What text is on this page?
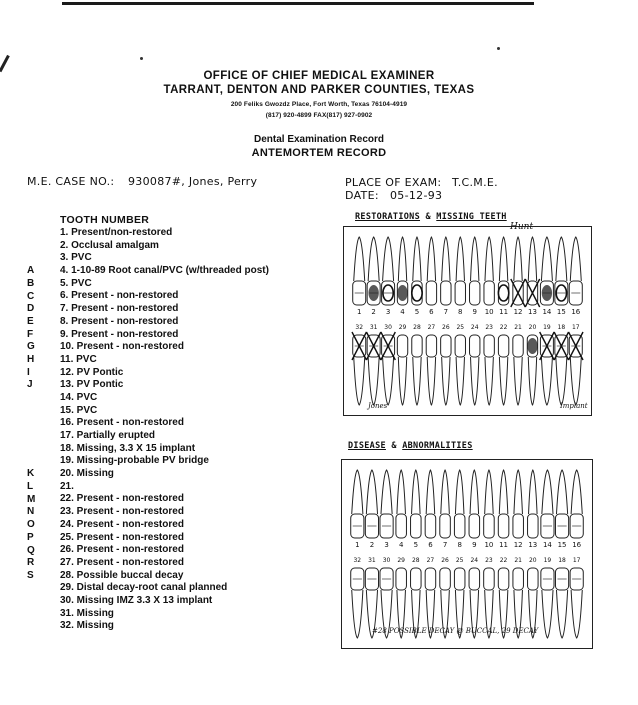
OFFICE OF CHIEF MEDICAL EXAMINER
TARRANT, DENTON AND PARKER COUNTIES, TEXAS
200 Feliks Gwozdz Place, Fort Worth, Texas 76104-4919
(817) 920-4899 FAX(817) 927-0902
Dental Examination Record
ANTEMORTEM RECORD
M.E. CASE NO.: 930087#, Jones, Perry	PLACE OF EXAM: T.C.M.E.
DATE: 05-12-93
TOOTH NUMBER
1. Present/non-restored
2. Occlusal amalgam
3. PVC
4. 1-10-89 Root canal/PVC (w/threaded post)
5. PVC
6. Present - non-restored
7. Present - non-restored
8. Present - non-restored
9. Present - non-restored
10. Present - non-restored
11. PVC
12. PV Pontic
13. PV Pontic
14. PVC
15. PVC
16. Present - non-restored
17. Partially erupted
18. Missing, 3.3 X 15 implant
19. Missing-probable PV bridge
20. Missing
21.
22. Present - non-restored
23. Present - non-restored
24. Present - non-restored
25. Present - non-restored
26. Present - non-restored
27. Present - non-restored
28. Possible buccal decay
29. Distal decay-root canal planned
30. Missing IMZ 3.3 X 13 implant
31. Missing
32. Missing
A
B
C
D
E
F
G
H
I
J
K
L
M
N
O
P
Q
R
S
RESTORATIONS & MISSING TEETH
1 2 3 4 5 6 7 8 9 10 11 12 13 14 15 16
32 31 30 29 28 27 26 25 24 23 22 21 20 19 18 17
Hunt
Jones	Implant
DISEASE & ABNORMALITIES
1 2 3 4 5 6 7 8 9 10 11 12 13 14 15 16
32 31 30 29 28 27 26 25 24 23 22 21 20 19 18 17
#28 POSSIBLE DECAY @ BUCCAL, 29 DECAY
